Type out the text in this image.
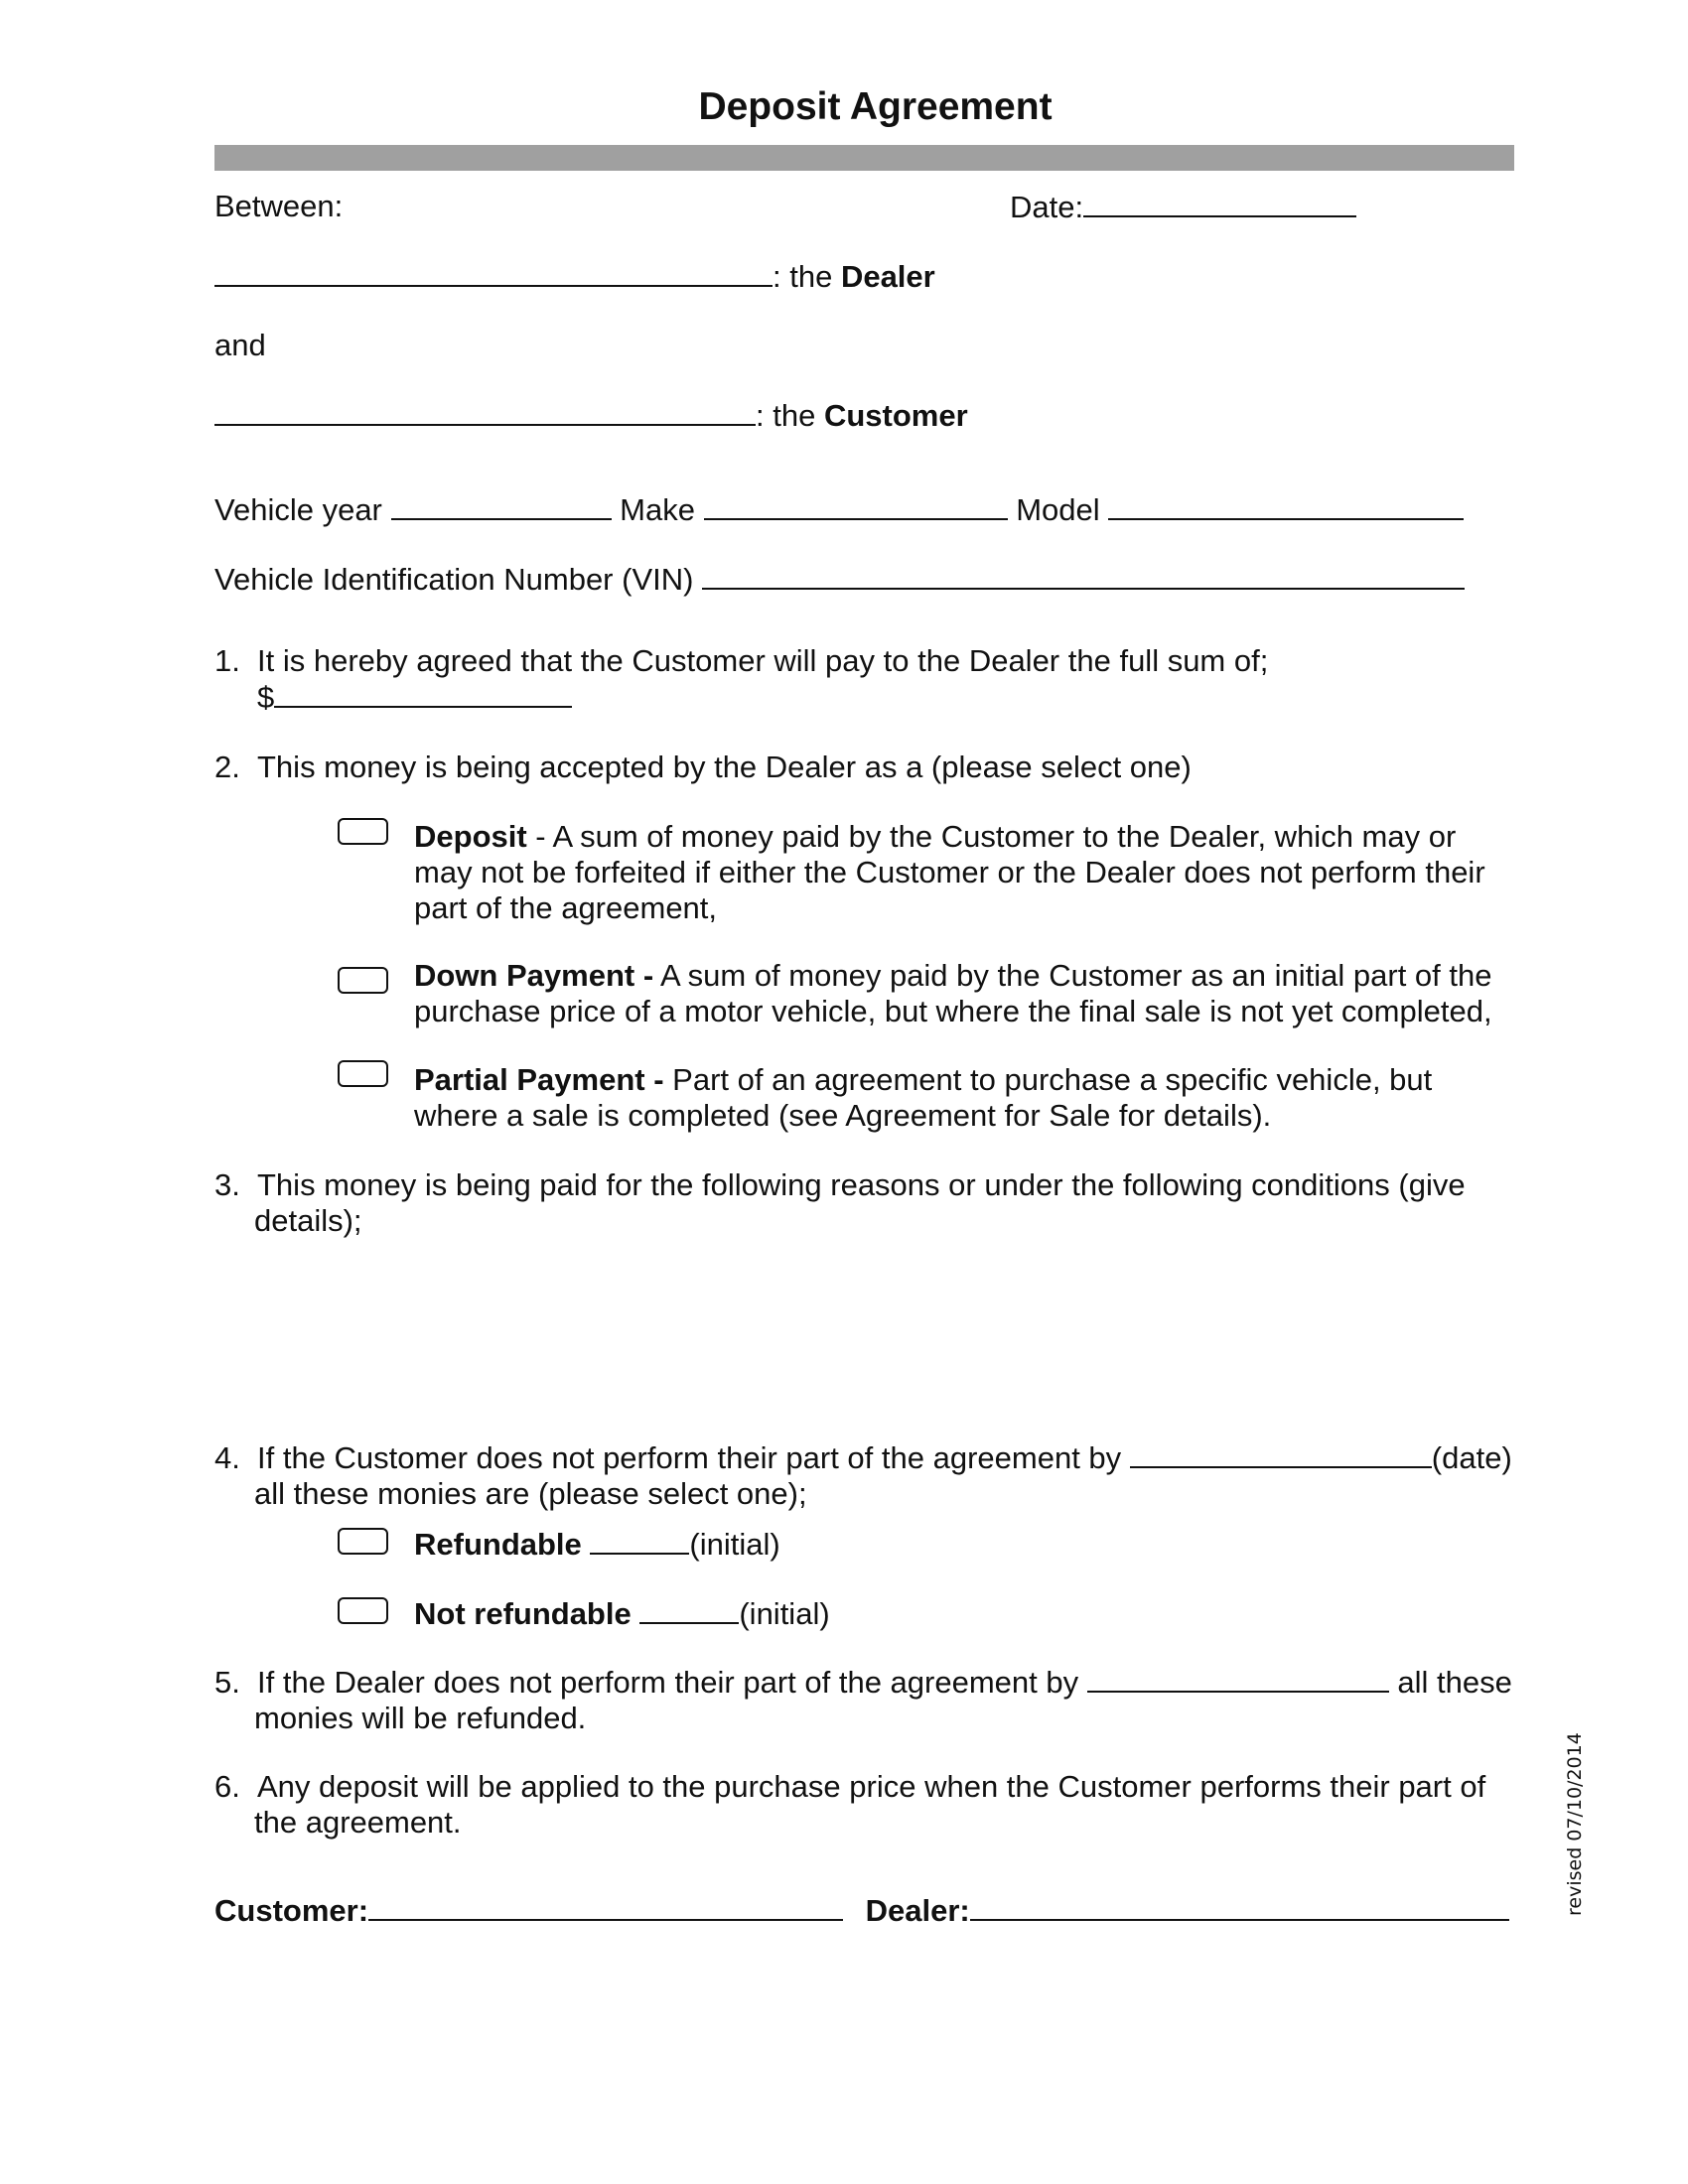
Deposit Agreement
Between:	Date:
: the Dealer
and
: the Customer
Vehicle year	Make	Model
Vehicle Identification Number (VIN)
1. It is hereby agreed that the Customer will pay to the Dealer the full sum of;
$
2. This money is being accepted by the Dealer as a (please select one)
Deposit - A sum of money paid by the Customer to the Dealer, which may or
may not be forfeited if either the Customer or the Dealer does not perform their
part of the agreement,
Down Payment - A sum of money paid by the Customer as an initial part of the
purchase price of a motor vehicle, but where the final sale is not yet completed,
Partial Payment - Part of an agreement to purchase a specific vehicle, but
where a sale is completed (see Agreement for Sale for details).
3. This money is being paid for the following reasons or under the following conditions (give
details);
4. If the Customer does not perform their part of the agreement by	(date)
all these monies are (please select one);
Refundable	(initial)
Not refundable	(initial)
5. If the Dealer does not perform their part of the agreement by	all these
monies will be refunded.
6. Any deposit will be applied to the purchase price when the Customer performs their part of
the agreement.
Customer:	Dealer:	revised 07/10/2014
